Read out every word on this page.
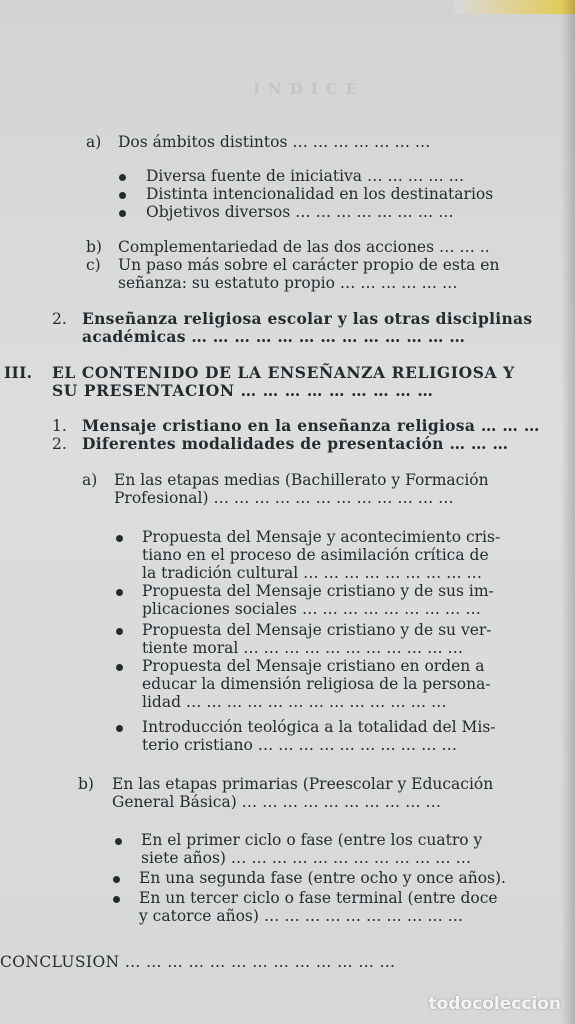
INDICE
a) Dos ámbitos distintos … … … … … … …
Diversa fuente de iniciativa … … … … …
Distinta intencionalidad en los destinatarios
Objetivos diversos … … … … … … … …
b) Complementariedad de las dos acciones … … ..
c) Un paso más sobre el carácter propio de esta en
señanza: su estatuto propio … … … … … …
2. Enseñanza religiosa escolar y las otras disciplinas
académicas … … … … … … … … … … … … …
III. EL CONTENIDO DE LA ENSEÑANZA RELIGIOSA Y
SU PRESENTACION … … … … … … … … …
1. Mensaje cristiano en la enseñanza religiosa … … …
2. Diferentes modalidades de presentación … … …
a) En las etapas medias (Bachillerato y Formación
Profesional) … … … … … … … … … … … …
Propuesta del Mensaje y acontecimiento cris-
tiano en el proceso de asimilación crítica de
la tradición cultural … … … … … … … … …
Propuesta del Mensaje cristiano y de sus im-
plicaciones sociales … … … … … … … … …
Propuesta del Mensaje cristiano y de su ver-
tiente moral … … … … … … … … … … …
Propuesta del Mensaje cristiano en orden a
educar la dimensión religiosa de la persona-
lidad … … … … … … … … … … … … …
Introducción teológica a la totalidad del Mis-
terio cristiano … … … … … … … … … …
b) En las etapas primarias (Preescolar y Educación
General Básica) … … … … … … … … … …
En el primer ciclo o fase (entre los cuatro y
siete años) … … … … … … … … … … … …
En una segunda fase (entre ocho y once años).
En un tercer ciclo o fase terminal (entre doce
y catorce años) … … … … … … … … … …
CONCLUSION … … … … … … … … … … … … …
todocoleccion
